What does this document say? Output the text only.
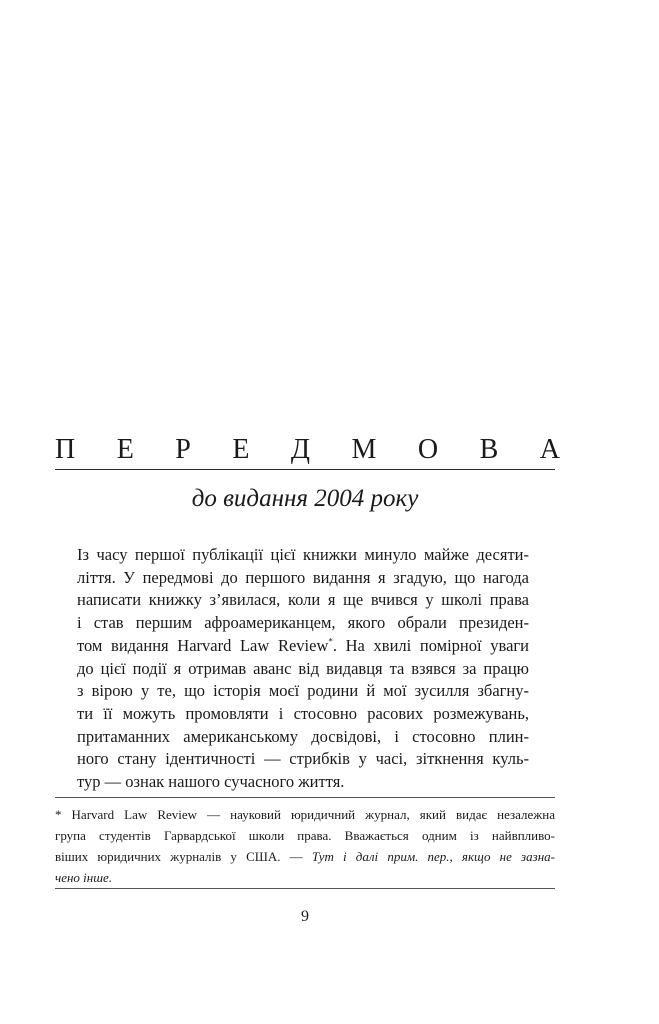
П Е Р Е Д М О В А
до видання 2004 року
Із часу першої публікації цієї книжки минуло майже десяти-
ліття. У передмові до першого видання я згадую, що нагода
написати книжку з’явилася, коли я ще вчився у школі права
і став першим афроамериканцем, якого обрали президен-
том видання Harvard Law Review*. На хвилі помірної уваги
до цієї події я отримав аванс від видавця та взявся за працю
з вірою у те, що історія моєї родини й мої зусилля збагну-
ти її можуть промовляти і стосовно расових розмежувань,
притаманних американському досвідові, і стосовно плин-
ного стану ідентичності — стрибків у часі, зіткнення куль-
тур — ознак нашого сучасного життя.
* Harvard Law Review — науковий юридичний журнал, який видає незалежна
група студентів Гарвардської школи права. Вважається одним із найвпливо-
віших юридичних журналів у США. — Тут і далі прим. пер., якщо не зазна-
чено інше.
9
